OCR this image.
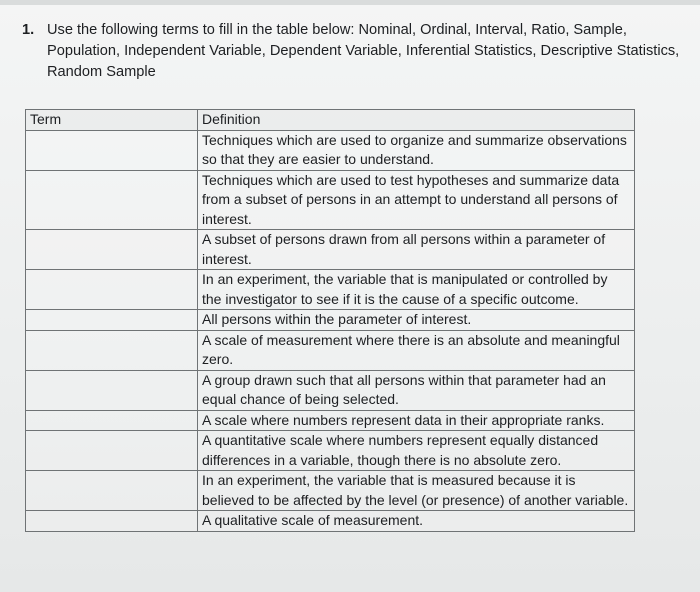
1. Use the following terms to fill in the table below: Nominal, Ordinal, Interval, Ratio, Sample, Population, Independent Variable, Dependent Variable, Inferential Statistics, Descriptive Statistics, Random Sample
Term	Definition
	Techniques which are used to organize and summarize observations so that they are easier to understand.
	Techniques which are used to test hypotheses and summarize data from a subset of persons in an attempt to understand all persons of interest.
	A subset of persons drawn from all persons within a parameter of interest.
	In an experiment, the variable that is manipulated or controlled by the investigator to see if it is the cause of a specific outcome.
	All persons within the parameter of interest.
	A scale of measurement where there is an absolute and meaningful zero.
	A group drawn such that all persons within that parameter had an equal chance of being selected.
	A scale where numbers represent data in their appropriate ranks.
	A quantitative scale where numbers represent equally distanced differences in a variable, though there is no absolute zero.
	In an experiment, the variable that is measured because it is believed to be affected by the level (or presence) of another variable.
	A qualitative scale of measurement.
